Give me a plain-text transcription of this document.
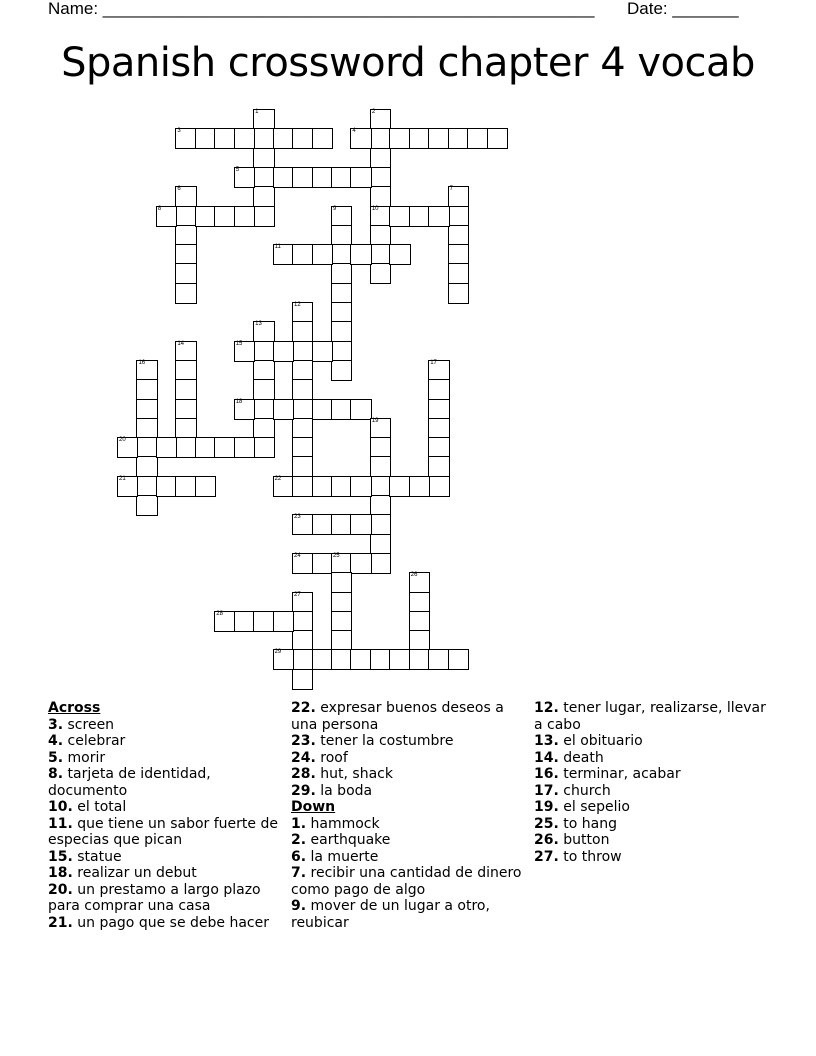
Name: ____________________________________________________ Date: _______
Spanish crossword chapter 4 vocab
1	2
10
3	4
5
6	7
8	9
11
12
13
14	15
16	17
18
19
20
21	22
23
24	25
26
27
28
29
Across
3. screen
4. celebrar
5. morir
8. tarjeta de identidad, documento
10. el total
11. que tiene un sabor fuerte de especias que pican
15. statue
18. realizar un debut
20. un prestamo a largo plazo para comprar una casa
21. un pago que se debe hacer
22. expresar buenos deseos a una persona
23. tener la costumbre
24. roof
28. hut, shack
29. la boda
Down
1. hammock
2. earthquake
6. la muerte
7. recibir una cantidad de dinero como pago de algo
9. mover de un lugar a otro, reubicar
12. tener lugar, realizarse, llevar a cabo
13. el obituario
14. death
16. terminar, acabar
17. church
19. el sepelio
25. to hang
26. button
27. to throw
